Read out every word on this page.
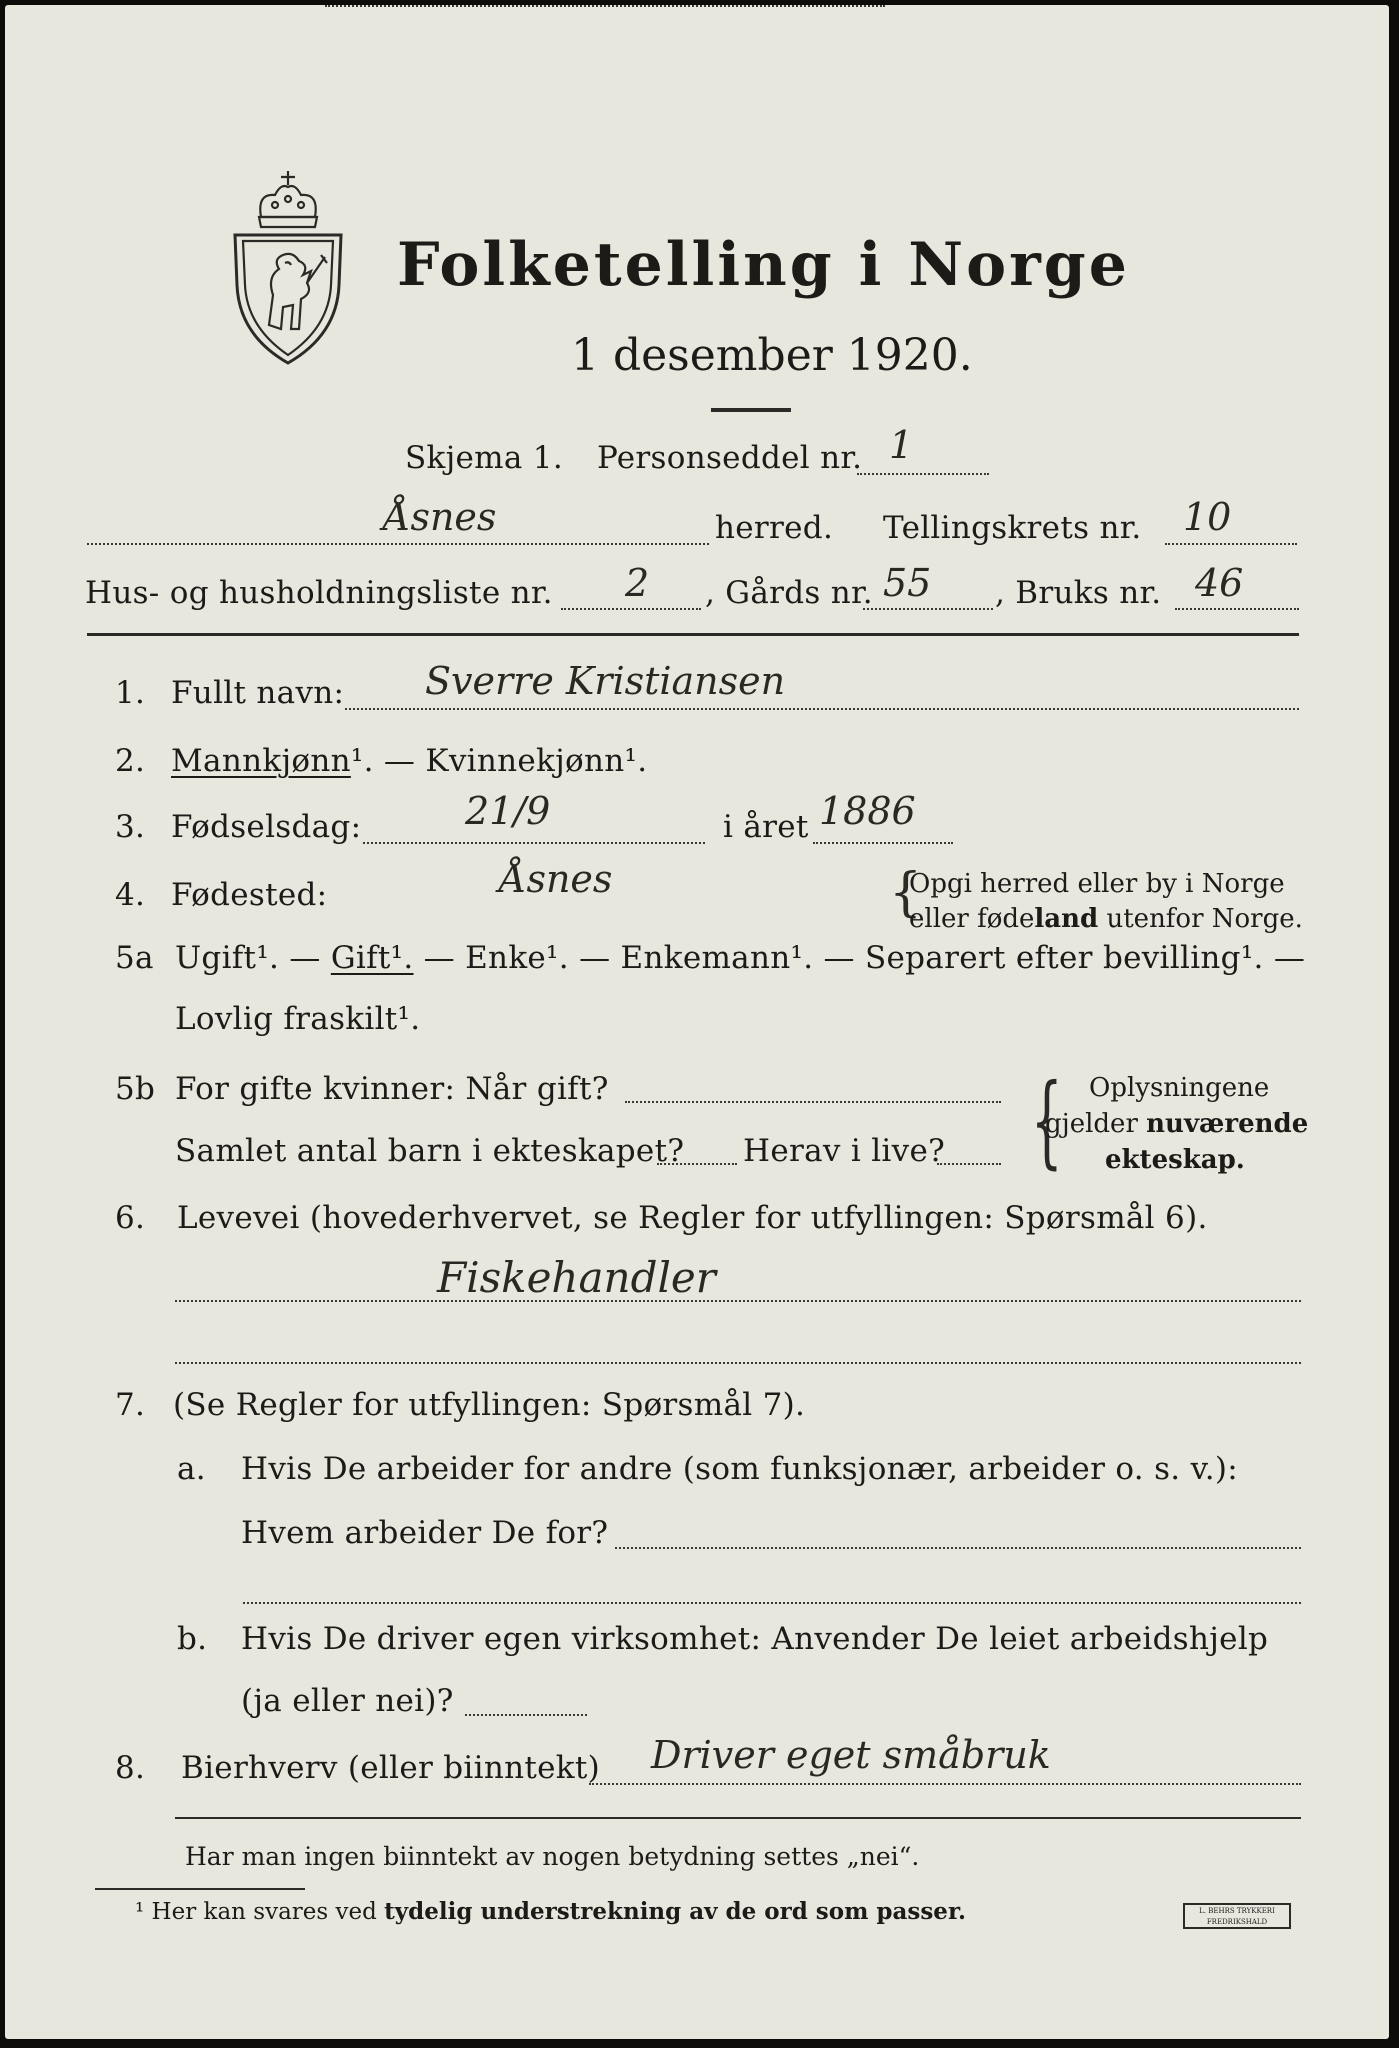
Folketelling i Norge
1 desember 1920.
Skjema 1. Personseddel nr. 1
Åsnes	herred. Tellingskrets nr. 10
Hus- og husholdningsliste nr. 2 , Gårds nr. 55 , Bruks nr. 46
1. Fullt navn: Sverre Kristiansen
2. Mannkjønn¹. — Kvinnekjønn¹.
3. Fødselsdag:	21/9	i året 1886
4. Fødested:	Åsnes	{
Opgi herred eller by i Norge
eller fødeland utenfor Norge.
5a Ugift¹. — Gift¹. — Enke¹. — Enkemann¹. — Separert efter bevilling¹. —
Lovlig fraskilt¹.
5b For gifte kvinner: Når gift?
Samlet antal barn i ekteskapet? Herav i live? { Oplysningene
gjelder nuværende
ekteskap.
6. Levevei (hovederhvervet, se Regler for utfyllingen: Spørsmål 6).
Fiskehandler
7. (Se Regler for utfyllingen: Spørsmål 7).
a. Hvis De arbeider for andre (som funksjonær, arbeider o. s. v.):
Hvem arbeider De for?
b. Hvis De driver egen virksomhet: Anvender De leiet arbeidshjelp
(ja eller nei)?
8. Bierhverv (eller biinntekt) Driver eget småbruk
Har man ingen biinntekt av nogen betydning settes „nei“.
¹ Her kan svares ved tydelig understrekning av de ord som passer.	L. BEHRS TRYKKERI FREDRIKSHALD
